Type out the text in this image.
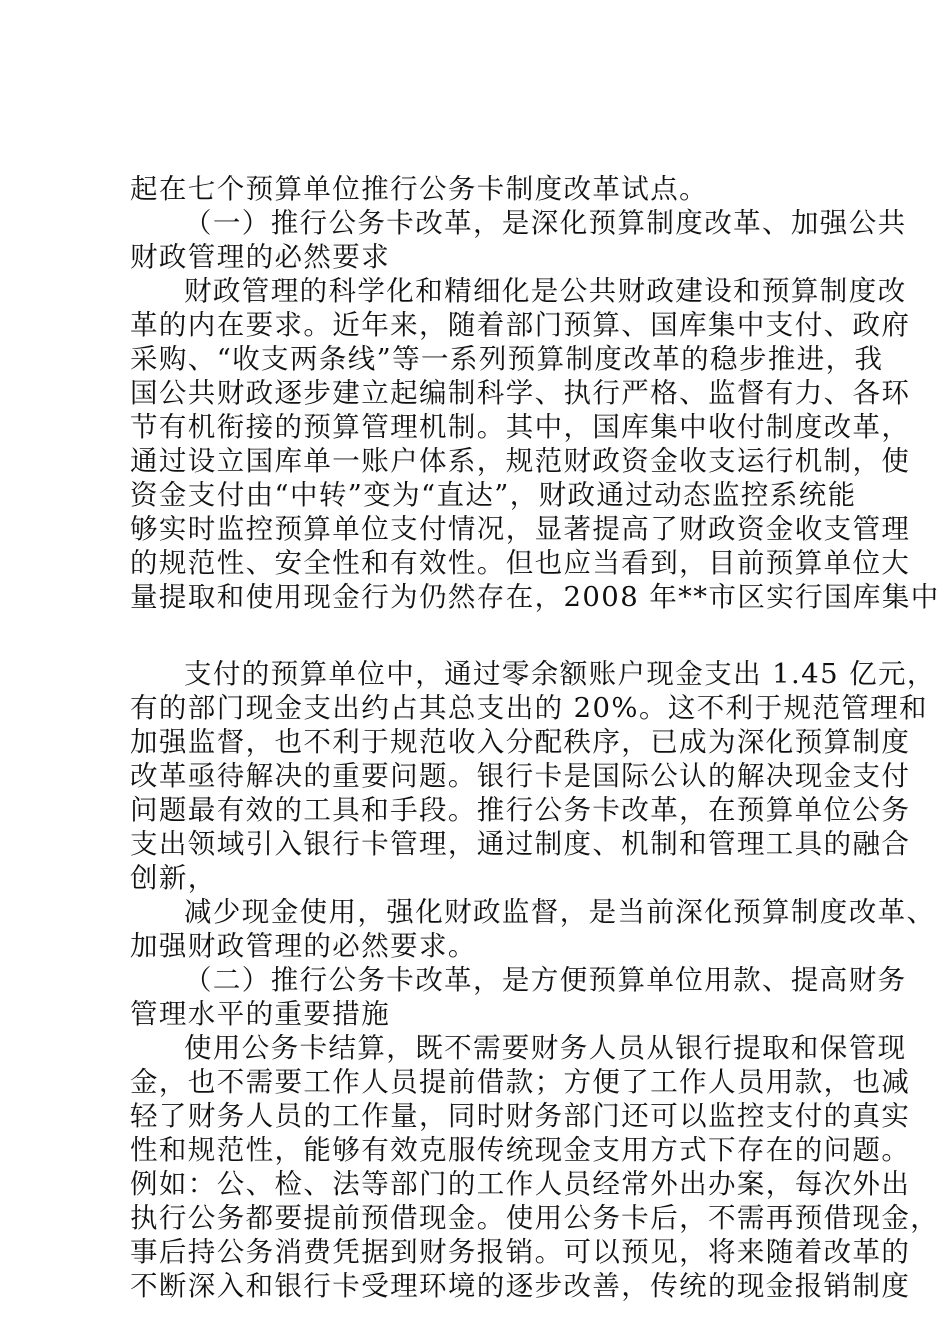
起在七个预算单位推行公务卡制度改革试点。
（一）推行公务卡改革，是深化预算制度改革、加强公共
财政管理的必然要求
财政管理的科学化和精细化是公共财政建设和预算制度改
革的内在要求。近年来，随着部门预算、国库集中支付、政府
采购、“收支两条线”等一系列预算制度改革的稳步推进，我
国公共财政逐步建立起编制科学、执行严格、监督有力、各环
节有机衔接的预算管理机制。其中，国库集中收付制度改革，
通过设立国库单一账户体系，规范财政资金收支运行机制，使
资金支付由“中转”变为“直达”，财政通过动态监控系统能
够实时监控预算单位支付情况，显著提高了财政资金收支管理
的规范性、安全性和有效性。但也应当看到，目前预算单位大
量提取和使用现金行为仍然存在，2008 年**市区实行国库集中
支付的预算单位中，通过零余额账户现金支出 1.45 亿元，
有的部门现金支出约占其总支出的 20%。这不利于规范管理和
加强监督，也不利于规范收入分配秩序，已成为深化预算制度
改革亟待解决的重要问题。银行卡是国际公认的解决现金支付
问题最有效的工具和手段。推行公务卡改革，在预算单位公务
支出领域引入银行卡管理，通过制度、机制和管理工具的融合
创新，
减少现金使用，强化财政监督，是当前深化预算制度改革、
加强财政管理的必然要求。
（二）推行公务卡改革，是方便预算单位用款、提高财务
管理水平的重要措施
使用公务卡结算，既不需要财务人员从银行提取和保管现
金，也不需要工作人员提前借款；方便了工作人员用款，也减
轻了财务人员的工作量，同时财务部门还可以监控支付的真实
性和规范性，能够有效克服传统现金支用方式下存在的问题。
例如：公、检、法等部门的工作人员经常外出办案，每次外出
执行公务都要提前预借现金。使用公务卡后，不需再预借现金，
事后持公务消费凭据到财务报销。可以预见，将来随着改革的
不断深入和银行卡受理环境的逐步改善，传统的现金报销制度
